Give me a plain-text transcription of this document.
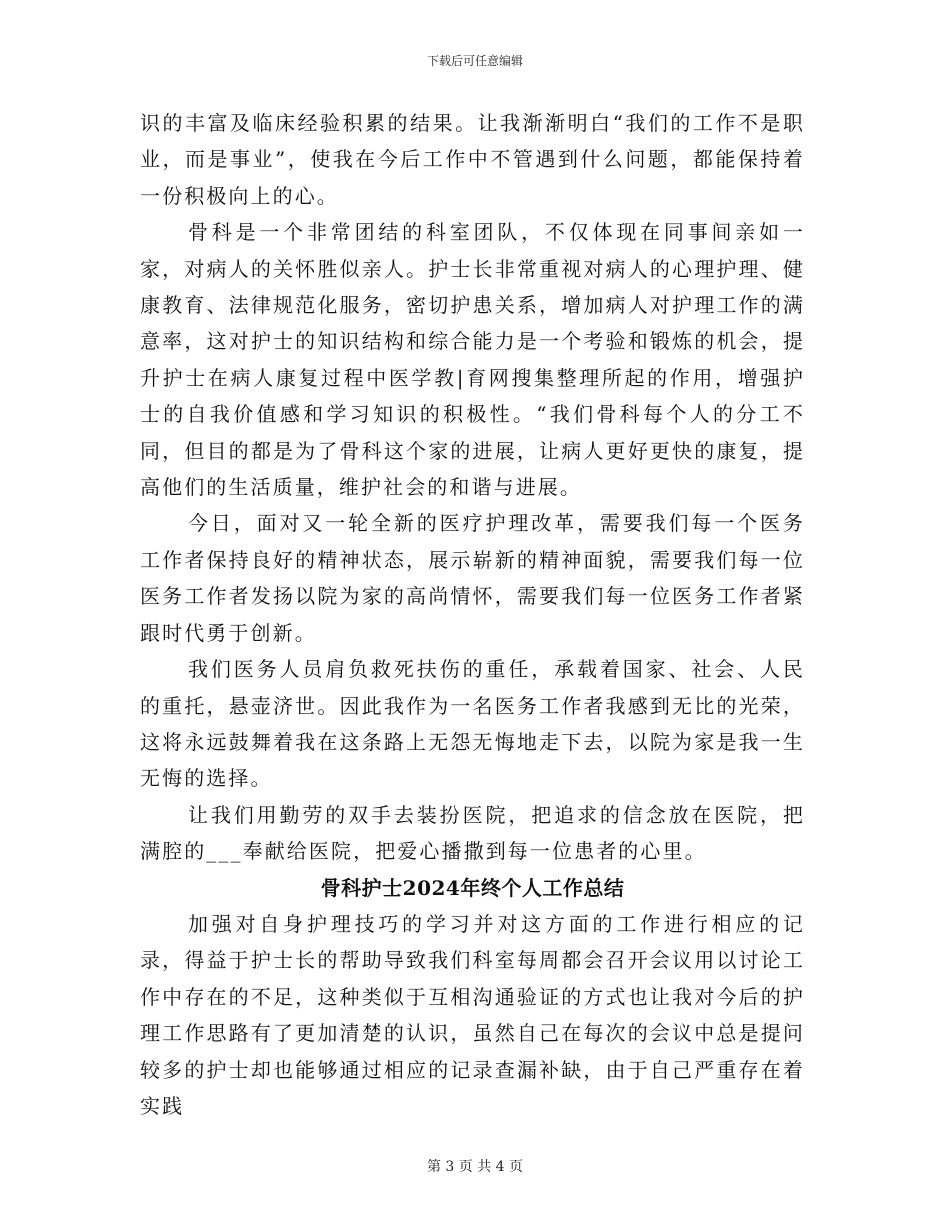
下载后可任意编辑

识的丰富及临床经验积累的结果。让我渐渐明白“我们的工作不是职业，而是事业”，使我在今后工作中不管遇到什么问题，都能保持着一份积极向上的心。

骨科是一个非常团结的科室团队，不仅体现在同事间亲如一家，对病人的关怀胜似亲人。护士长非常重视对病人的心理护理、健康教育、法律规范化服务，密切护患关系，增加病人对护理工作的满意率，这对护士的知识结构和综合能力是一个考验和锻炼的机会，提升护士在病人康复过程中医学教|育网搜集整理所起的作用，增强护士的自我价值感和学习知识的积极性。“我们骨科每个人的分工不同，但目的都是为了骨科这个家的进展，让病人更好更快的康复，提高他们的生活质量，维护社会的和谐与进展。

今日，面对又一轮全新的医疗护理改革，需要我们每一个医务工作者保持良好的精神状态，展示崭新的精神面貌，需要我们每一位医务工作者发扬以院为家的高尚情怀，需要我们每一位医务工作者紧跟时代勇于创新。

我们医务人员肩负救死扶伤的重任，承载着国家、社会、人民的重托，悬壶济世。因此我作为一名医务工作者我感到无比的光荣，这将永远鼓舞着我在这条路上无怨无悔地走下去，以院为家是我一生无悔的选择。

让我们用勤劳的双手去装扮医院，把追求的信念放在医院，把满腔的___奉献给医院，把爱心播撒到每一位患者的心里。

骨科护士2024年终个人工作总结

加强对自身护理技巧的学习并对这方面的工作进行相应的记录，得益于护士长的帮助导致我们科室每周都会召开会议用以讨论工作中存在的不足，这种类似于互相沟通验证的方式也让我对今后的护理工作思路有了更加清楚的认识，虽然自己在每次的会议中总是提问较多的护士却也能够通过相应的记录查漏补缺，由于自己严重存在着实践

第 3 页 共 4 页
